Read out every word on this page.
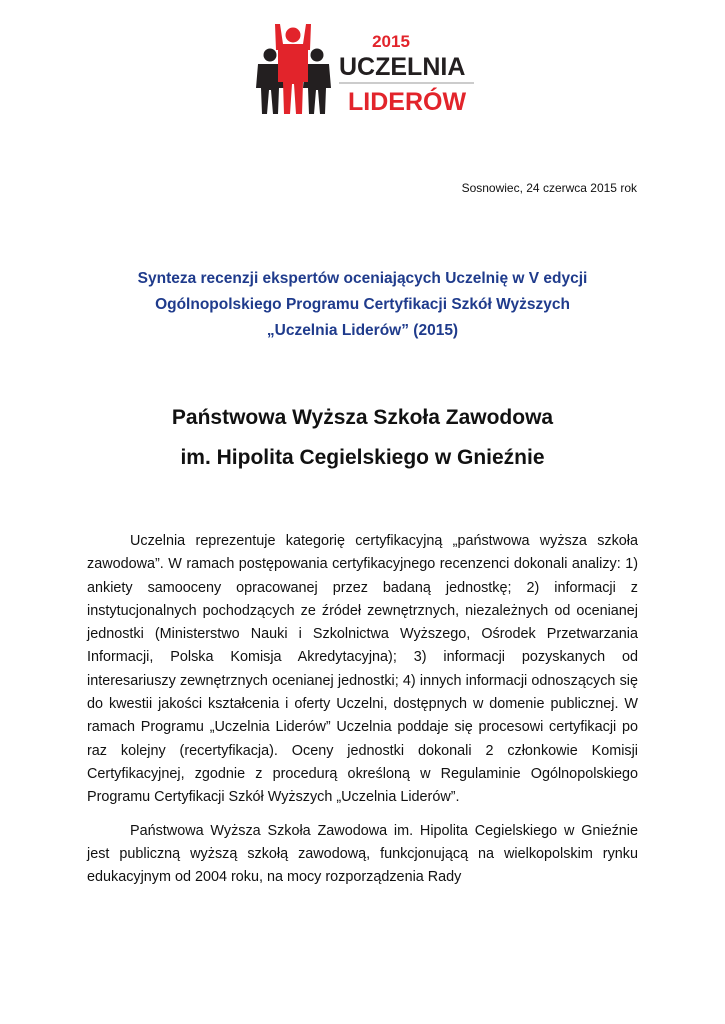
2015
UCZELNIA
LIDERÓW
Sosnowiec, 24 czerwca 2015 rok
Synteza recenzji ekspertów oceniających Uczelnię w V edycji
Ogólnopolskiego Programu Certyfikacji Szkół Wyższych
„Uczelnia Liderów” (2015)
Państwowa Wyższa Szkoła Zawodowa
im. Hipolita Cegielskiego w Gnieźnie

Uczelnia reprezentuje kategorię certyfikacyjną „państwowa wyższa szkoła zawodowa”. W ramach postępowania certyfikacyjnego recenzenci dokonali analizy: 1) ankiety samooceny opracowanej przez badaną jednostkę; 2) informacji z instytucjonalnych pochodzących ze źródeł zewnętrznych, niezależnych od ocenianej jednostki (Ministerstwo Nauki i Szkolnictwa Wyższego, Ośrodek Przetwarzania Informacji, Polska Komisja Akredytacyjna); 3) informacji pozyskanych od interesariuszy zewnętrznych ocenianej jednostki; 4) innych informacji odnoszących się do kwestii jakości kształcenia i oferty Uczelni, dostępnych w domenie publicznej. W ramach Programu „Uczelnia Liderów” Uczelnia poddaje się procesowi certyfikacji po raz kolejny (recertyfikacja). Oceny jednostki dokonali 2 członkowie Komisji Certyfikacyjnej, zgodnie z procedurą określoną w Regulaminie Ogólnopolskiego Programu Certyfikacji Szkół Wyższych „Uczelnia Liderów”.

Państwowa Wyższa Szkoła Zawodowa im. Hipolita Cegielskiego w Gnieźnie jest publiczną wyższą szkołą zawodową, funkcjonującą na wielkopolskim rynku edukacyjnym od 2004 roku, na mocy rozporządzenia Rady
